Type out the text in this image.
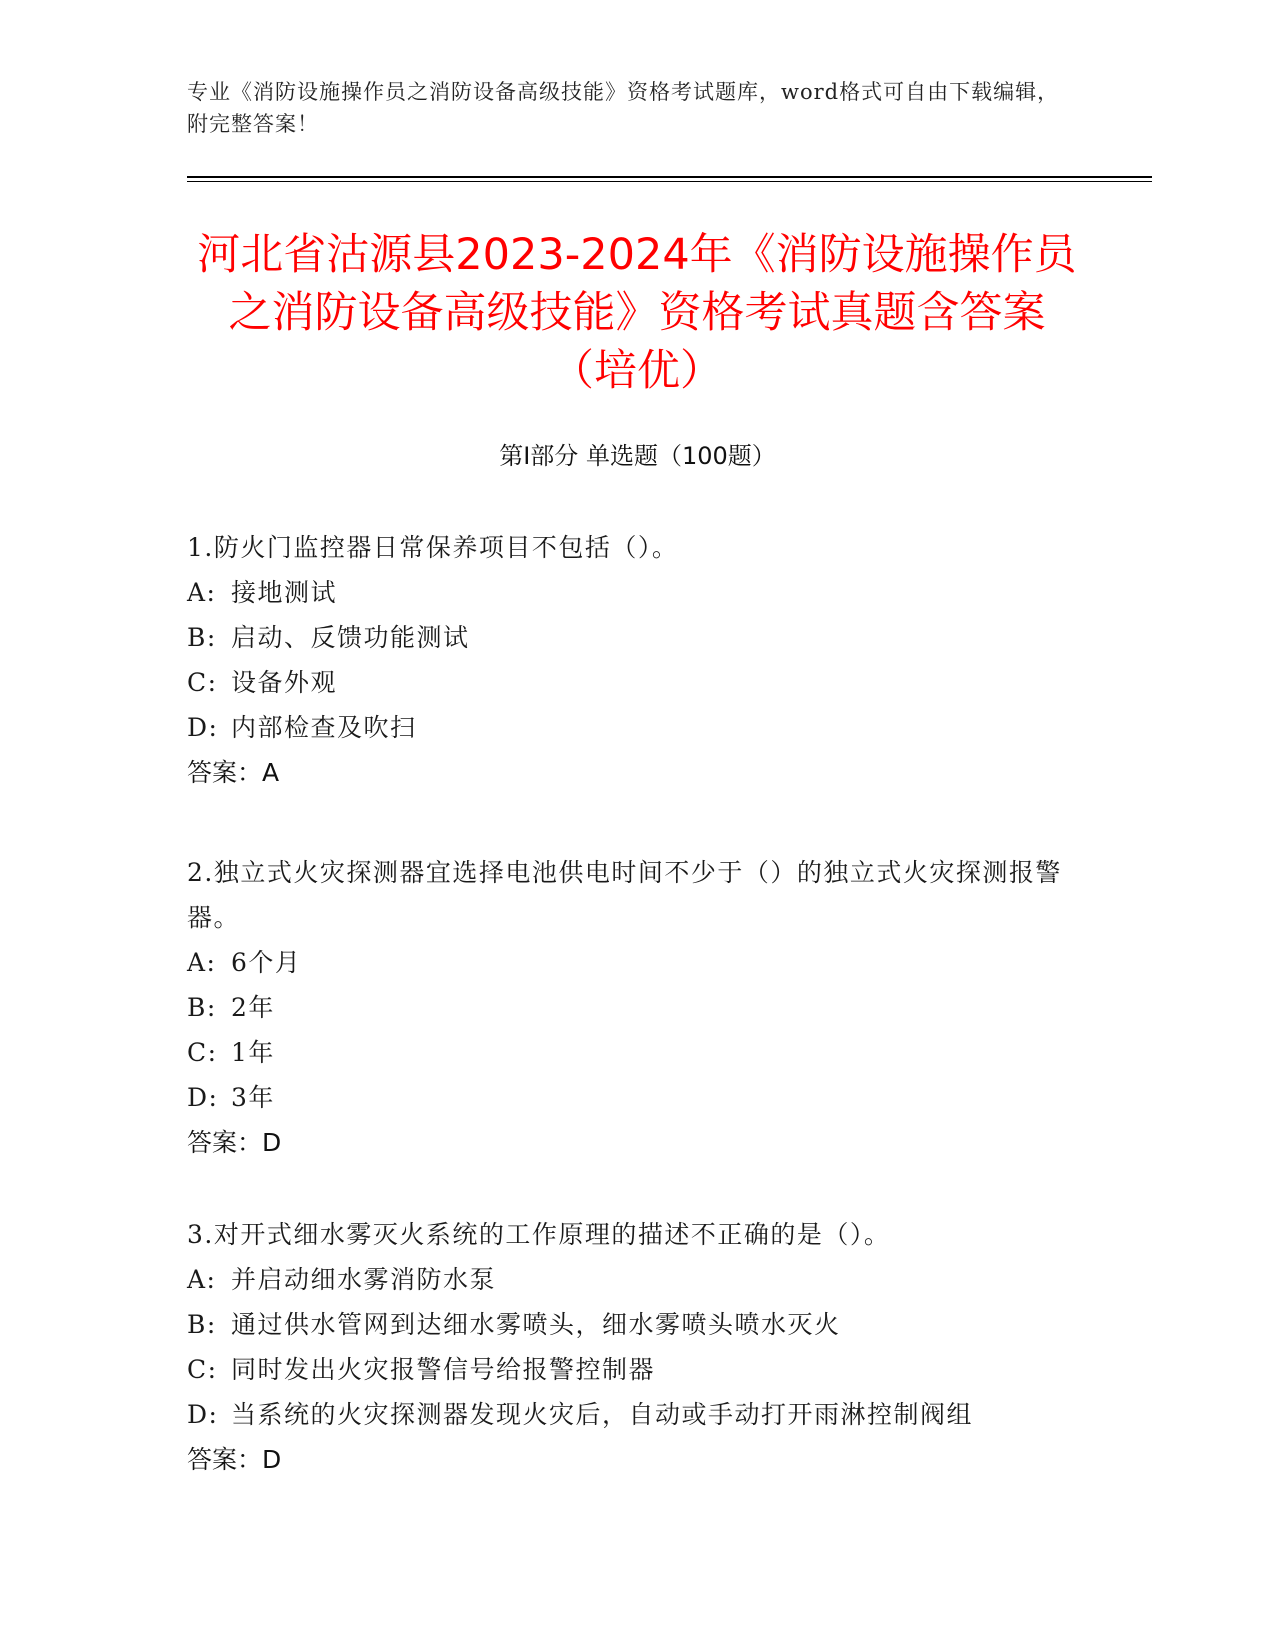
专业《消防设施操作员之消防设备高级技能》资格考试题库，word格式可自由下载编辑，附完整答案！
河北省沽源县2023-2024年《消防设施操作员之消防设备高级技能》资格考试真题含答案（培优）
第I部分 单选题（100题）
1.防火门监控器日常保养项目不包括（）。
A: 接地测试
B: 启动、反馈功能测试
C: 设备外观
D: 内部检查及吹扫
答案：A
2.独立式火灾探测器宜选择电池供电时间不少于（）的独立式火灾探测报警器。
A: 6个月
B: 2年
C: 1年
D: 3年
答案：D
3.对开式细水雾灭火系统的工作原理的描述不正确的是（）。
A: 并启动细水雾消防水泵
B: 通过供水管网到达细水雾喷头，细水雾喷头喷水灭火
C: 同时发出火灾报警信号给报警控制器
D: 当系统的火灾探测器发现火灾后，自动或手动打开雨淋控制阀组
答案：D
